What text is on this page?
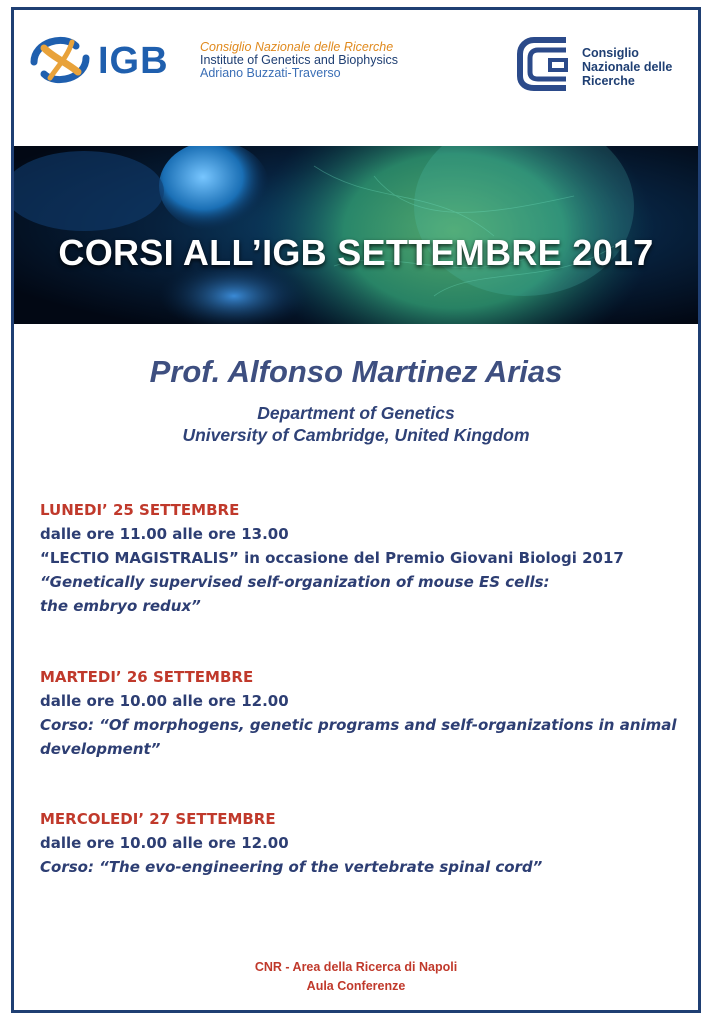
IGB	Consiglio Nazionale delle Ricerche
Institute of Genetics and Biophysics
Adriano Buzzati-Traverso
Consiglio
Nazionale delle
Ricerche
CORSI ALL’IGB SETTEMBRE 2017
Prof. Alfonso Martinez Arias
Department of Genetics
University of Cambridge, United Kingdom
LUNEDI’ 25 SETTEMBRE
dalle ore 11.00 alle ore 13.00
“LECTIO MAGISTRALIS” in occasione del Premio Giovani Biologi 2017
“Genetically supervised self-organization of mouse ES cells:
the embryo redux”
MARTEDI’ 26 SETTEMBRE
dalle ore 10.00 alle ore 12.00
Corso: “Of morphogens, genetic programs and self-organizations in animal
development”
MERCOLEDI’ 27 SETTEMBRE
dalle ore 10.00 alle ore 12.00
Corso: “The evo-engineering of the vertebrate spinal cord”
CNR - Area della Ricerca di Napoli
Aula Conferenze
